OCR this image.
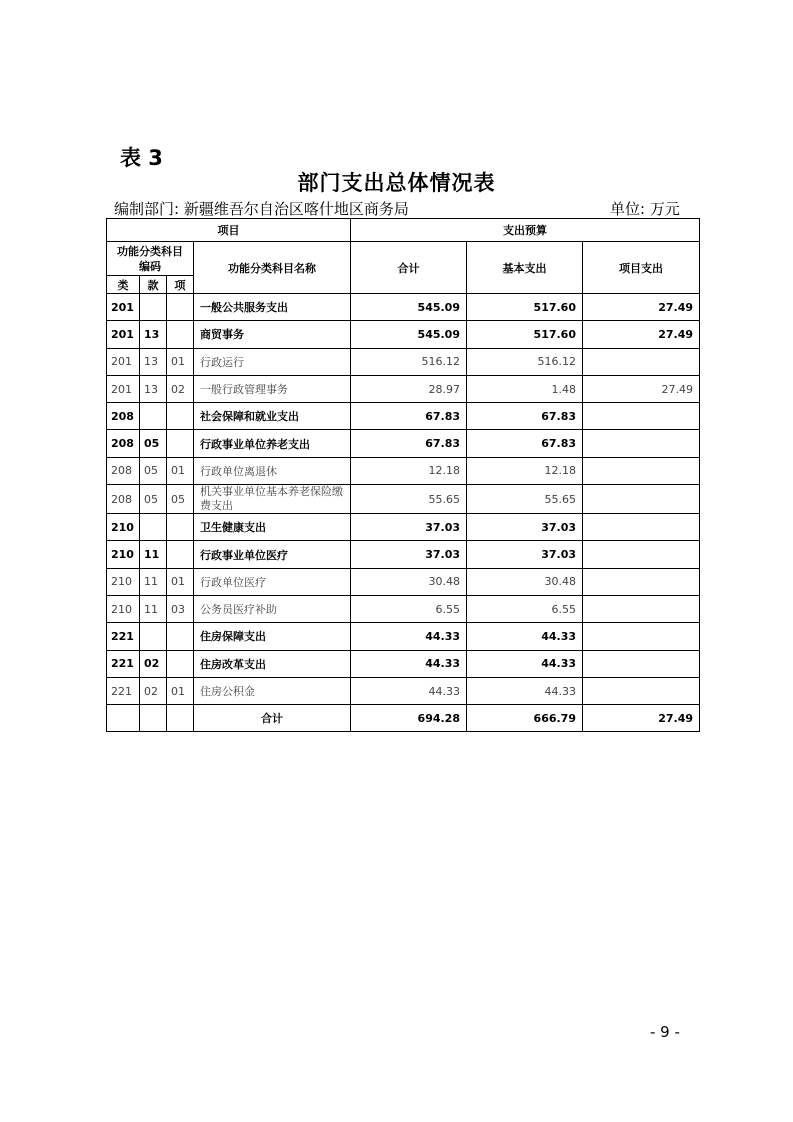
表 3
部门支出总体情况表
编制部门: 新疆维吾尔自治区喀什地区商务局	单位: 万元
项目				支出预算		
功能分类科目编码			功能分类科目名称	合计	基本支出	项目支出
类	款	项				
201			一般公共服务支出	545.09	517.60	27.49
201	13		商贸事务	545.09	517.60	27.49
201	13	01	行政运行	516.12	516.12	
201	13	02	一般行政管理事务	28.97	1.48	27.49
208			社会保障和就业支出	67.83	67.83	
208	05		行政事业单位养老支出	67.83	67.83	
208	05	01	行政单位离退休	12.18	12.18	
208	05	05	机关事业单位基本养老保险缴费支出	55.65	55.65	
210			卫生健康支出	37.03	37.03	
210	11		行政事业单位医疗	37.03	37.03	
210	11	01	行政单位医疗	30.48	30.48	
210	11	03	公务员医疗补助	6.55	6.55	
221			住房保障支出	44.33	44.33	
221	02		住房改革支出	44.33	44.33	
221	02	01	住房公积金	44.33	44.33	
			合计	694.28	666.79	27.49
- 9 -
